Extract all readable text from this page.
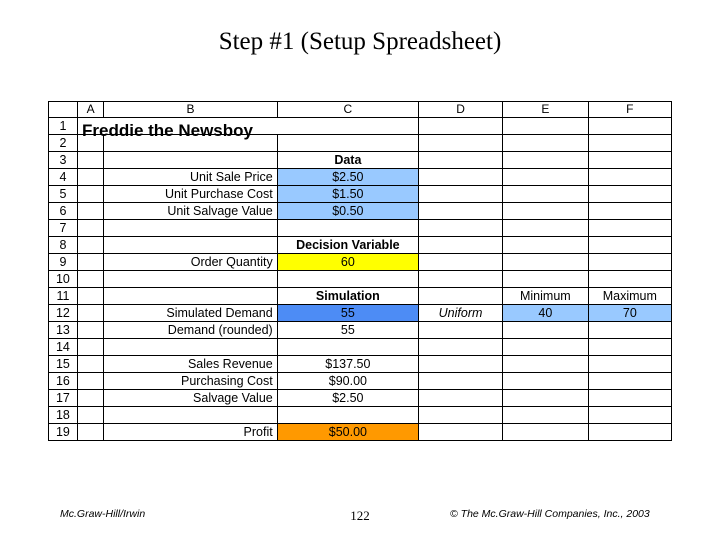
Step #1 (Setup Spreadsheet)
Freddie the Newsboy
	A	B	C	D	E	F
1						
2						
3			Data			
4		Unit Sale Price	$2.50			
5		Unit Purchase Cost	$1.50			
6		Unit Salvage Value	$0.50			
7						
8			Decision Variable			
9		Order Quantity	60			
10						
11			Simulation		Minimum	Maximum
12		Simulated Demand	55	Uniform	40	70
13		Demand (rounded)	55			
14						
15		Sales Revenue	$137.50			
16		Purchasing Cost	$90.00			
17		Salvage Value	$2.50			
18						
19		Profit	$50.00			
Mc.Graw-Hill/Irwin	122	© The Mc.Graw-Hill Companies, Inc., 2003
